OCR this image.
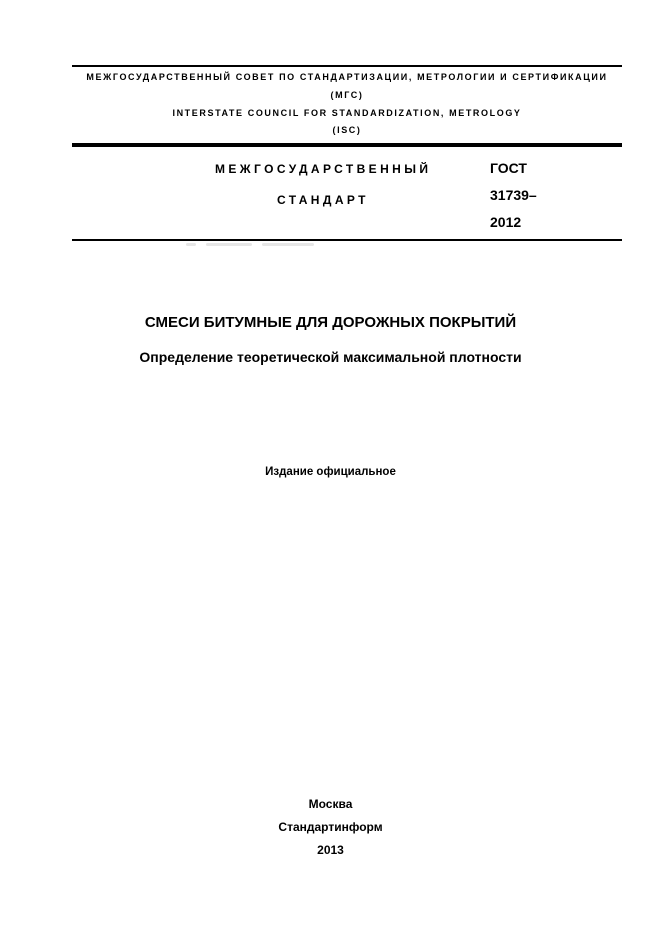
МЕЖГОСУДАРСТВЕННЫЙ СОВЕТ ПО СТАНДАРТИЗАЦИИ, МЕТРОЛОГИИ И СЕРТИФИКАЦИИ
(МГС)
INTERSTATE COUNCIL FOR STANDARDIZATION, METROLOGY
(ISC)
МЕЖГОСУДАРСТВЕННЫЙ
СТАНДАРТ
ГОСТ
31739–
2012
СМЕСИ БИТУМНЫЕ ДЛЯ ДОРОЖНЫХ ПОКРЫТИЙ
Определение теоретической максимальной плотности
Издание официальное
Москва
Стандартинформ
2013
